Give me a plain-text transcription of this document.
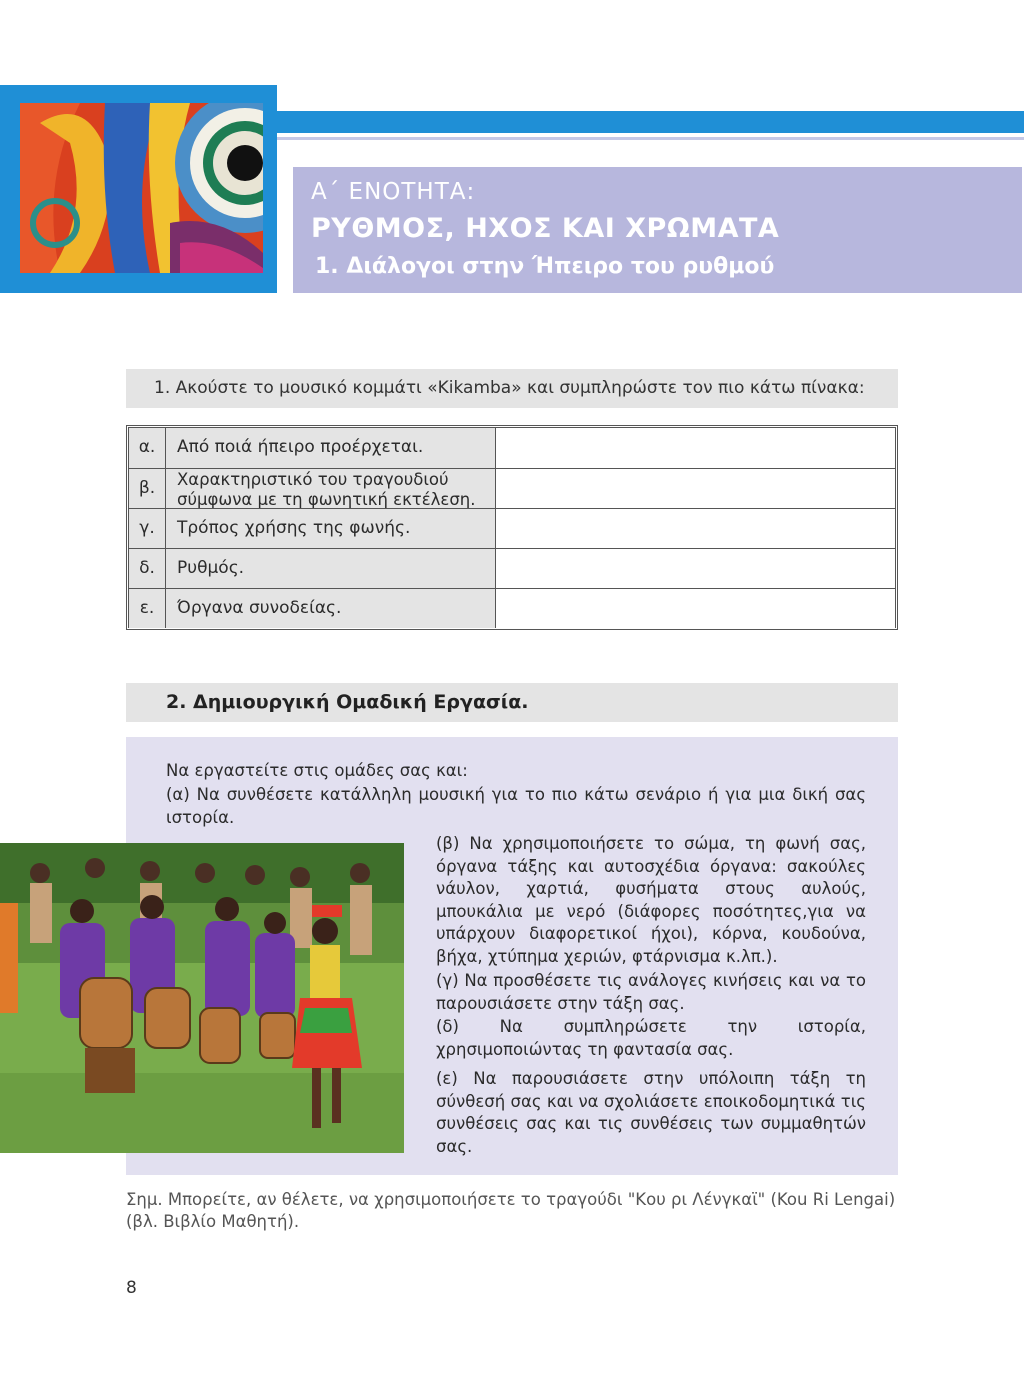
Α΄ ΕΝΟΤΗΤΑ:
ΡΥΘΜΟΣ, ΗΧΟΣ ΚΑΙ ΧΡΩΜΑΤΑ
1. Διάλογοι στην Ήπειρο του ρυθμού
1. Ακούστε το μουσικό κομμάτι «Kikamba» και συμπληρώστε τον πιο κάτω πίνακα:
α.	Από ποιά ήπειρο προέρχεται.
β.	Χαρακτηριστικό του τραγουδιού
σύμφωνα με τη φωνητική εκτέλεση.
γ.	Τρόπος χρήσης της φωνής.
δ.	Ρυθμός.
ε.	Όργανα συνοδείας.
2. Δημιουργική Ομαδική Εργασία.
Να εργαστείτε στις ομάδες σας και:
(α) Να συνθέσετε κατάλληλη μουσική για το πιο κάτω σενάριο ή για μια δική σας ιστορία.
(β) Να χρησιμοποιήσετε το σώμα, τη φωνή σας, όργανα τάξης και αυτοσχέδια όργανα: σακούλες νάυλον, χαρτιά, φυσήματα στους αυλούς, μπουκάλια με νερό (διάφορες ποσότητες,για να υπάρχουν διαφορετικοί ήχοι), κόρνα, κουδούνα, βήχα, χτύπημα χεριών, φτάρνισμα κ.λπ.).
(γ) Να προσθέσετε τις ανάλογες κινήσεις και να το παρουσιάσετε στην τάξη σας.
(δ) Να συμπληρώσετε την ιστορία, χρησιμοποιώντας τη φαντασία σας.
(ε) Να παρουσιάσετε στην υπόλοιπη τάξη τη σύνθεσή σας και να σχολιάσετε εποικοδομητικά τις συνθέσεις σας και τις συνθέσεις των συμμαθητών σας.
Σημ. Μπορείτε, αν θέλετε, να χρησιμοποιήσετε το τραγούδι "Κου ρι Λένγκαϊ" (Kou Ri Lengai) (βλ. Βιβλίο Μαθητή).
8
